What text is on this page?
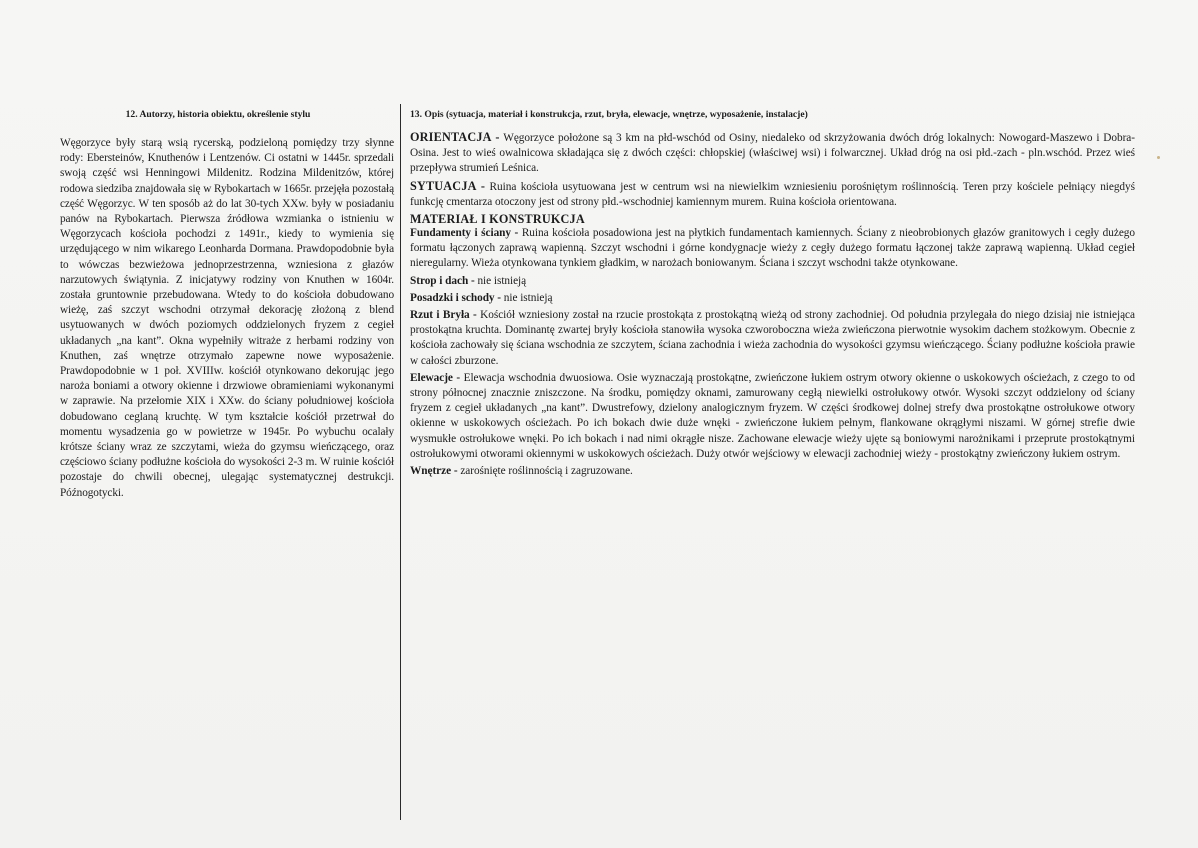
12. Autorzy, historia obiektu, określenie stylu

Węgorzyce były starą wsią rycerską, podzieloną pomiędzy trzy słynne rody: Ebersteinów, Knuthenów i Lentzenów. Ci ostatni w 1445r. sprzedali swoją część wsi Henningowi Mildenitz. Rodzina Mildenitzów, której rodowa siedziba znajdowała się w Rybokartach w 1665r. przejęła pozostałą część Węgorzyc. W ten sposób aż do lat 30-tych XXw. były w posiadaniu panów na Rybokartach. Pierwsza źródłowa wzmianka o istnieniu w Węgorzycach kościoła pochodzi z 1491r., kiedy to wymienia się urzędującego w nim wikarego Leonharda Dormana. Prawdopodobnie była to wówczas bezwieżowa jednoprzestrzenna, wzniesiona z głazów narzutowych świątynia. Z inicjatywy rodziny von Knuthen w 1604r. została gruntownie przebudowana. Wtedy to do kościoła dobudowano wieżę, zaś szczyt wschodni otrzymał dekorację złożoną z blend usytuowanych w dwóch poziomych oddzielonych fryzem z cegieł układanych „na kant”. Okna wypełniły witraże z herbami rodziny von Knuthen, zaś wnętrze otrzymało zapewne nowe wyposażenie. Prawdopodobnie w 1 poł. XVIIIw. kościół otynkowano dekorując jego naroża boniami a otwory okienne i drzwiowe obramieniami wykonanymi w zaprawie. Na przełomie XIX i XXw. do ściany południowej kościoła dobudowano ceglaną kruchtę. W tym kształcie kościół przetrwał do momentu wysadzenia go w powietrze w 1945r. Po wybuchu ocalały krótsze ściany wraz ze szczytami, wieża do gzymsu wieńczącego, oraz częściowo ściany podłużne kościoła do wysokości 2-3 m. W ruinie kościół pozostaje do chwili obecnej, ulegając systematycznej destrukcji. Późnogotycki.

13. Opis (sytuacja, materiał i konstrukcja, rzut, bryła, elewacje, wnętrze, wyposażenie, instalacje)

ORIENTACJA - Węgorzyce położone są 3 km na płd-wschód od Osiny, niedaleko od skrzyżowania dwóch dróg lokalnych: Nowogard-Maszewo i Dobra-Osina. Jest to wieś owalnicowa składająca się z dwóch części: chłopskiej (właściwej wsi) i folwarcznej. Układ dróg na osi płd.-zach - pln.wschód. Przez wieś przepływa strumień Leśnica.

SYTUACJA - Ruina kościoła usytuowana jest w centrum wsi na niewielkim wzniesieniu porośniętym roślinnością. Teren przy kościele pełniący niegdyś funkcję cmentarza otoczony jest od strony płd.-wschodniej kamiennym murem. Ruina kościoła orientowana.

MATERIAŁ I KONSTRUKCJA

Fundamenty i ściany - Ruina kościoła posadowiona jest na płytkich fundamentach kamiennych. Ściany z nieobrobionych głazów granitowych i cegły dużego formatu łączonych zaprawą wapienną. Szczyt wschodni i górne kondygnacje wieży z cegły dużego formatu łączonej także zaprawą wapienną. Układ cegieł nieregularny. Wieża otynkowana tynkiem gładkim, w narożach boniowanym. Ściana i szczyt wschodni także otynkowane.

Strop i dach - nie istnieją

Posadzki i schody - nie istnieją

Rzut i Bryła - Kościół wzniesiony został na rzucie prostokąta z prostokątną wieżą od strony zachodniej. Od południa przylegała do niego dzisiaj nie istniejąca prostokątna kruchta. Dominantę zwartej bryły kościoła stanowiła wysoka czworoboczna wieża zwieńczona pierwotnie wysokim dachem stożkowym. Obecnie z kościoła zachowały się ściana wschodnia ze szczytem, ściana zachodnia i wieża zachodnia do wysokości gzymsu wieńczącego. Ściany podłużne kościoła prawie w całości zburzone.

Elewacje - Elewacja wschodnia dwuosiowa. Osie wyznaczają prostokątne, zwieńczone łukiem ostrym otwory okienne o uskokowych ościeżach, z czego to od strony północnej znacznie zniszczone. Na środku, pomiędzy oknami, zamurowany cegłą niewielki ostrołukowy otwór. Wysoki szczyt oddzielony od ściany fryzem z cegieł układanych „na kant”. Dwustrefowy, dzielony analogicznym fryzem. W części środkowej dolnej strefy dwa prostokątne ostrołukowe otwory okienne w uskokowych ościeżach. Po ich bokach dwie duże wnęki - zwieńczone łukiem pełnym, flankowane okrągłymi niszami. W górnej strefie dwie wysmukłe ostrołukowe wnęki. Po ich bokach i nad nimi okrągłe nisze. Zachowane elewacje wieży ujęte są boniowymi narożnikami i przeprute prostokątnymi ostrołukowymi otworami okiennymi w uskokowych ościeżach. Duży otwór wejściowy w elewacji zachodniej wieży - prostokątny zwieńczony łukiem ostrym.

Wnętrze - zarośnięte roślinnością i zagruzowane.
